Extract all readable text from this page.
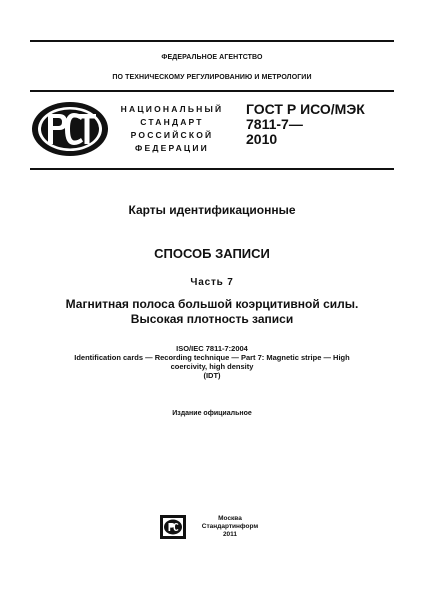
ФЕДЕРАЛЬНОЕ АГЕНТСТВО
ПО ТЕХНИЧЕСКОМУ РЕГУЛИРОВАНИЮ И МЕТРОЛОГИИ
НАЦИОНАЛЬНЫЙ
СТАНДАРТ
РОССИЙСКОЙ
ФЕДЕРАЦИИ
ГОСТ Р ИСО/МЭК
7811-7—
2010
Карты идентификационные
СПОСОБ ЗАПИСИ
Часть 7
Магнитная полоса большой коэрцитивной силы.
Высокая плотность записи
ISO/IEC 7811-7:2004
Identification cards — Recording technique — Part 7: Magnetic stripe — High
coercivity, high density
(IDT)
Издание официальное
Москва
Стандартинформ
2011
